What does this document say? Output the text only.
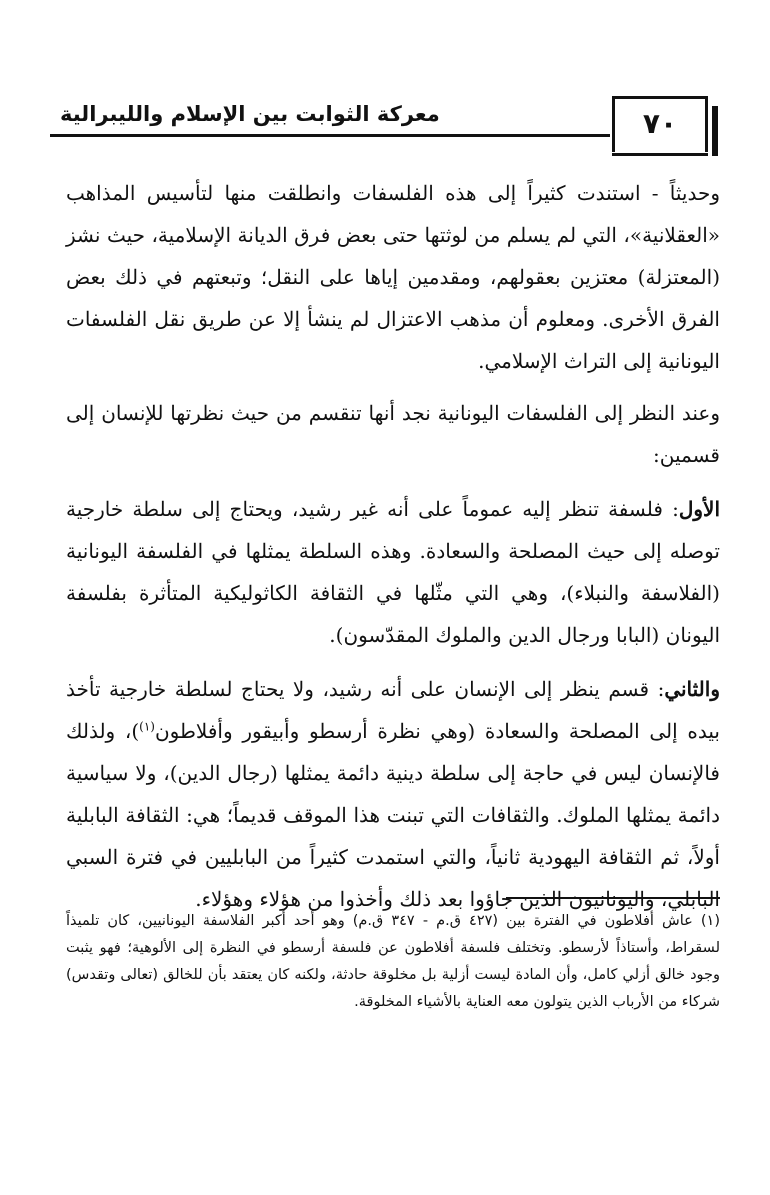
معركة الثوابت بين الإسلام والليبرالية	٧٠

وحديثاً - استندت كثيراً إلى هذه الفلسفات وانطلقت منها لتأسيس المذاهب «العقلانية»، التي لم يسلم من لوثتها حتى بعض فرق الديانة الإسلامية، حيث نشز (المعتزلة) معتزين بعقولهم، ومقدمين إياها على النقل؛ وتبعتهم في ذلك بعض الفرق الأخرى. ومعلوم أن مذهب الاعتزال لم ينشأ إلا عن طريق نقل الفلسفات اليونانية إلى التراث الإسلامي.

وعند النظر إلى الفلسفات اليونانية نجد أنها تنقسم من حيث نظرتها للإنسان إلى قسمين:

الأول: فلسفة تنظر إليه عموماً على أنه غير رشيد، ويحتاج إلى سلطة خارجية توصله إلى حيث المصلحة والسعادة. وهذه السلطة يمثلها في الفلسفة اليونانية (الفلاسفة والنبلاء)، وهي التي مثّلها في الثقافة الكاثوليكية المتأثرة بفلسفة اليونان (البابا ورجال الدين والملوك المقدّسون).

والثاني: قسم ينظر إلى الإنسان على أنه رشيد، ولا يحتاج لسلطة خارجية تأخذ بيده إلى المصلحة والسعادة (وهي نظرة أرسطو وأبيقور وأفلاطون$^{(١)}$)، ولذلك فالإنسان ليس في حاجة إلى سلطة دينية دائمة يمثلها (رجال الدين)، ولا سياسية دائمة يمثلها الملوك. والثقافات التي تبنت هذا الموقف قديماً؛ هي: الثقافة البابلية أولاً، ثم الثقافة اليهودية ثانياً، والتي استمدت كثيراً من البابليين في فترة السبي البابلي، واليونانيون الذين جاؤوا بعد ذلك وأخذوا من هؤلاء وهؤلاء.

(١) عاش أفلاطون في الفترة بين (٤٢٧ ق.م - ٣٤٧ ق.م) وهو أحد أكبر الفلاسفة اليونانيين، كان تلميذاً لسقراط، وأستاذاً لأرسطو. وتختلف فلسفة أفلاطون عن فلسفة أرسطو في النظرة إلى الألوهية؛ فهو يثبت وجود خالق أزلي كامل، وأن المادة ليست أزلية بل مخلوقة حادثة، ولكنه كان يعتقد بأن للخالق (تعالى وتقدس) شركاء من الأرباب الذين يتولون معه العناية بالأشياء المخلوقة.
